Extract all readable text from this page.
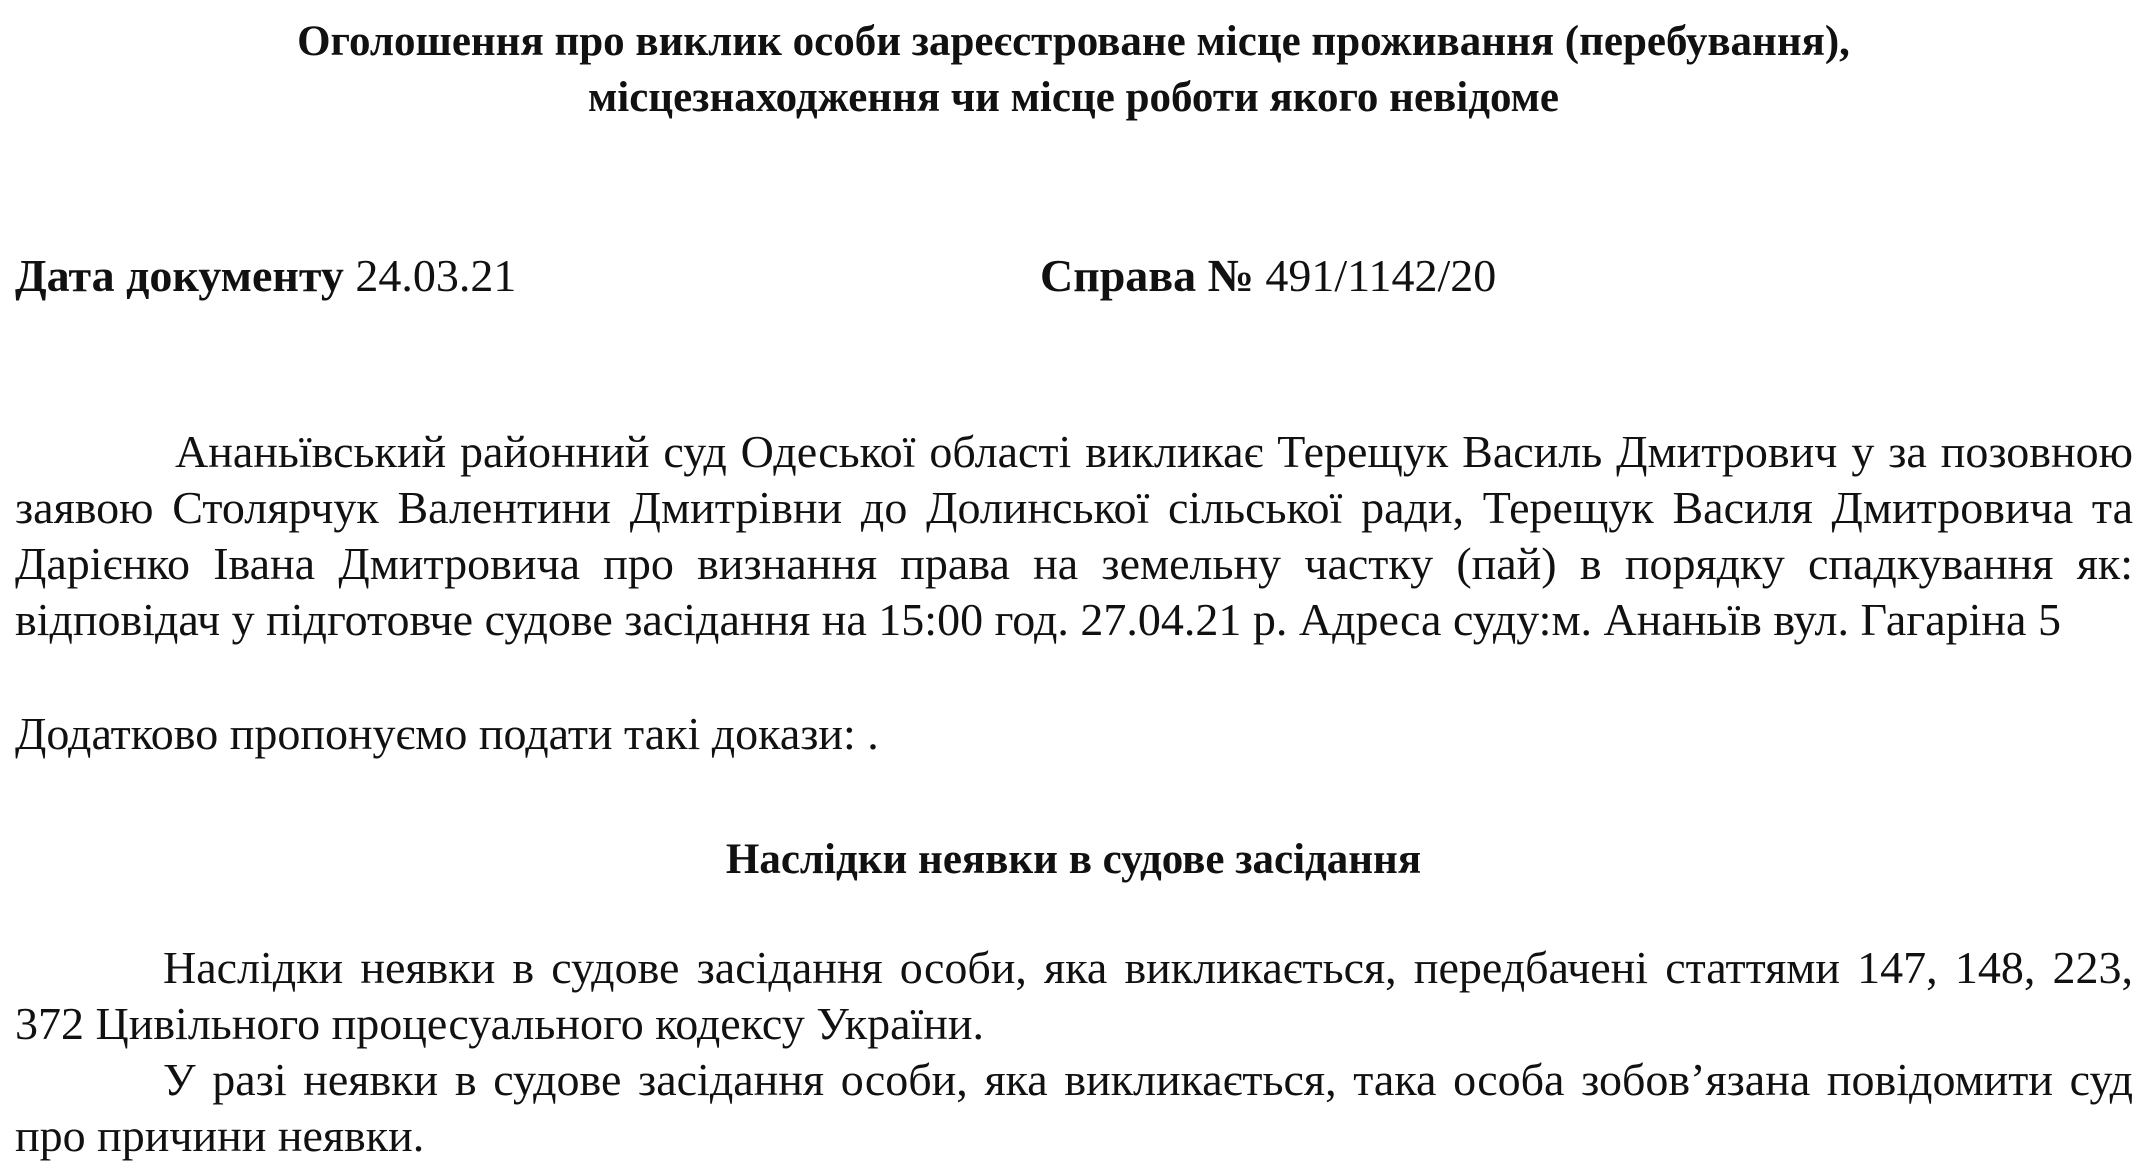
Оголошення про виклик особи зареєстроване місце проживання (перебування),
місцезнаходження чи місце роботи якого невідоме
Дата документу 24.03.21	Справа № 491/1142/20

Ананьївський районний суд Одеської області викликає Терещук Василь Дмитрович у за позовною заявою Столярчук Валентини Дмитрівни до Долинської сільської ради, Терещук Василя Дмитровича та Дарієнко Івана Дмитровича про визнання права на земельну частку (пай) в порядку спадкування як: відповідач у підготовче судове засідання на 15:00 год. 27.04.21 р. Адреса суду:м. Ананьїв вул. Гагаріна 5

Додатково пропонуємо подати такі докази: .

Наслідки неявки в судове засідання

Наслідки неявки в судове засідання особи, яка викликається, передбачені статтями 147, 148, 223, 372 Цивільного процесуального кодексу України.

У разі неявки в судове засідання особи, яка викликається, така особа зобов’язана повідомити суд про причини неявки.
